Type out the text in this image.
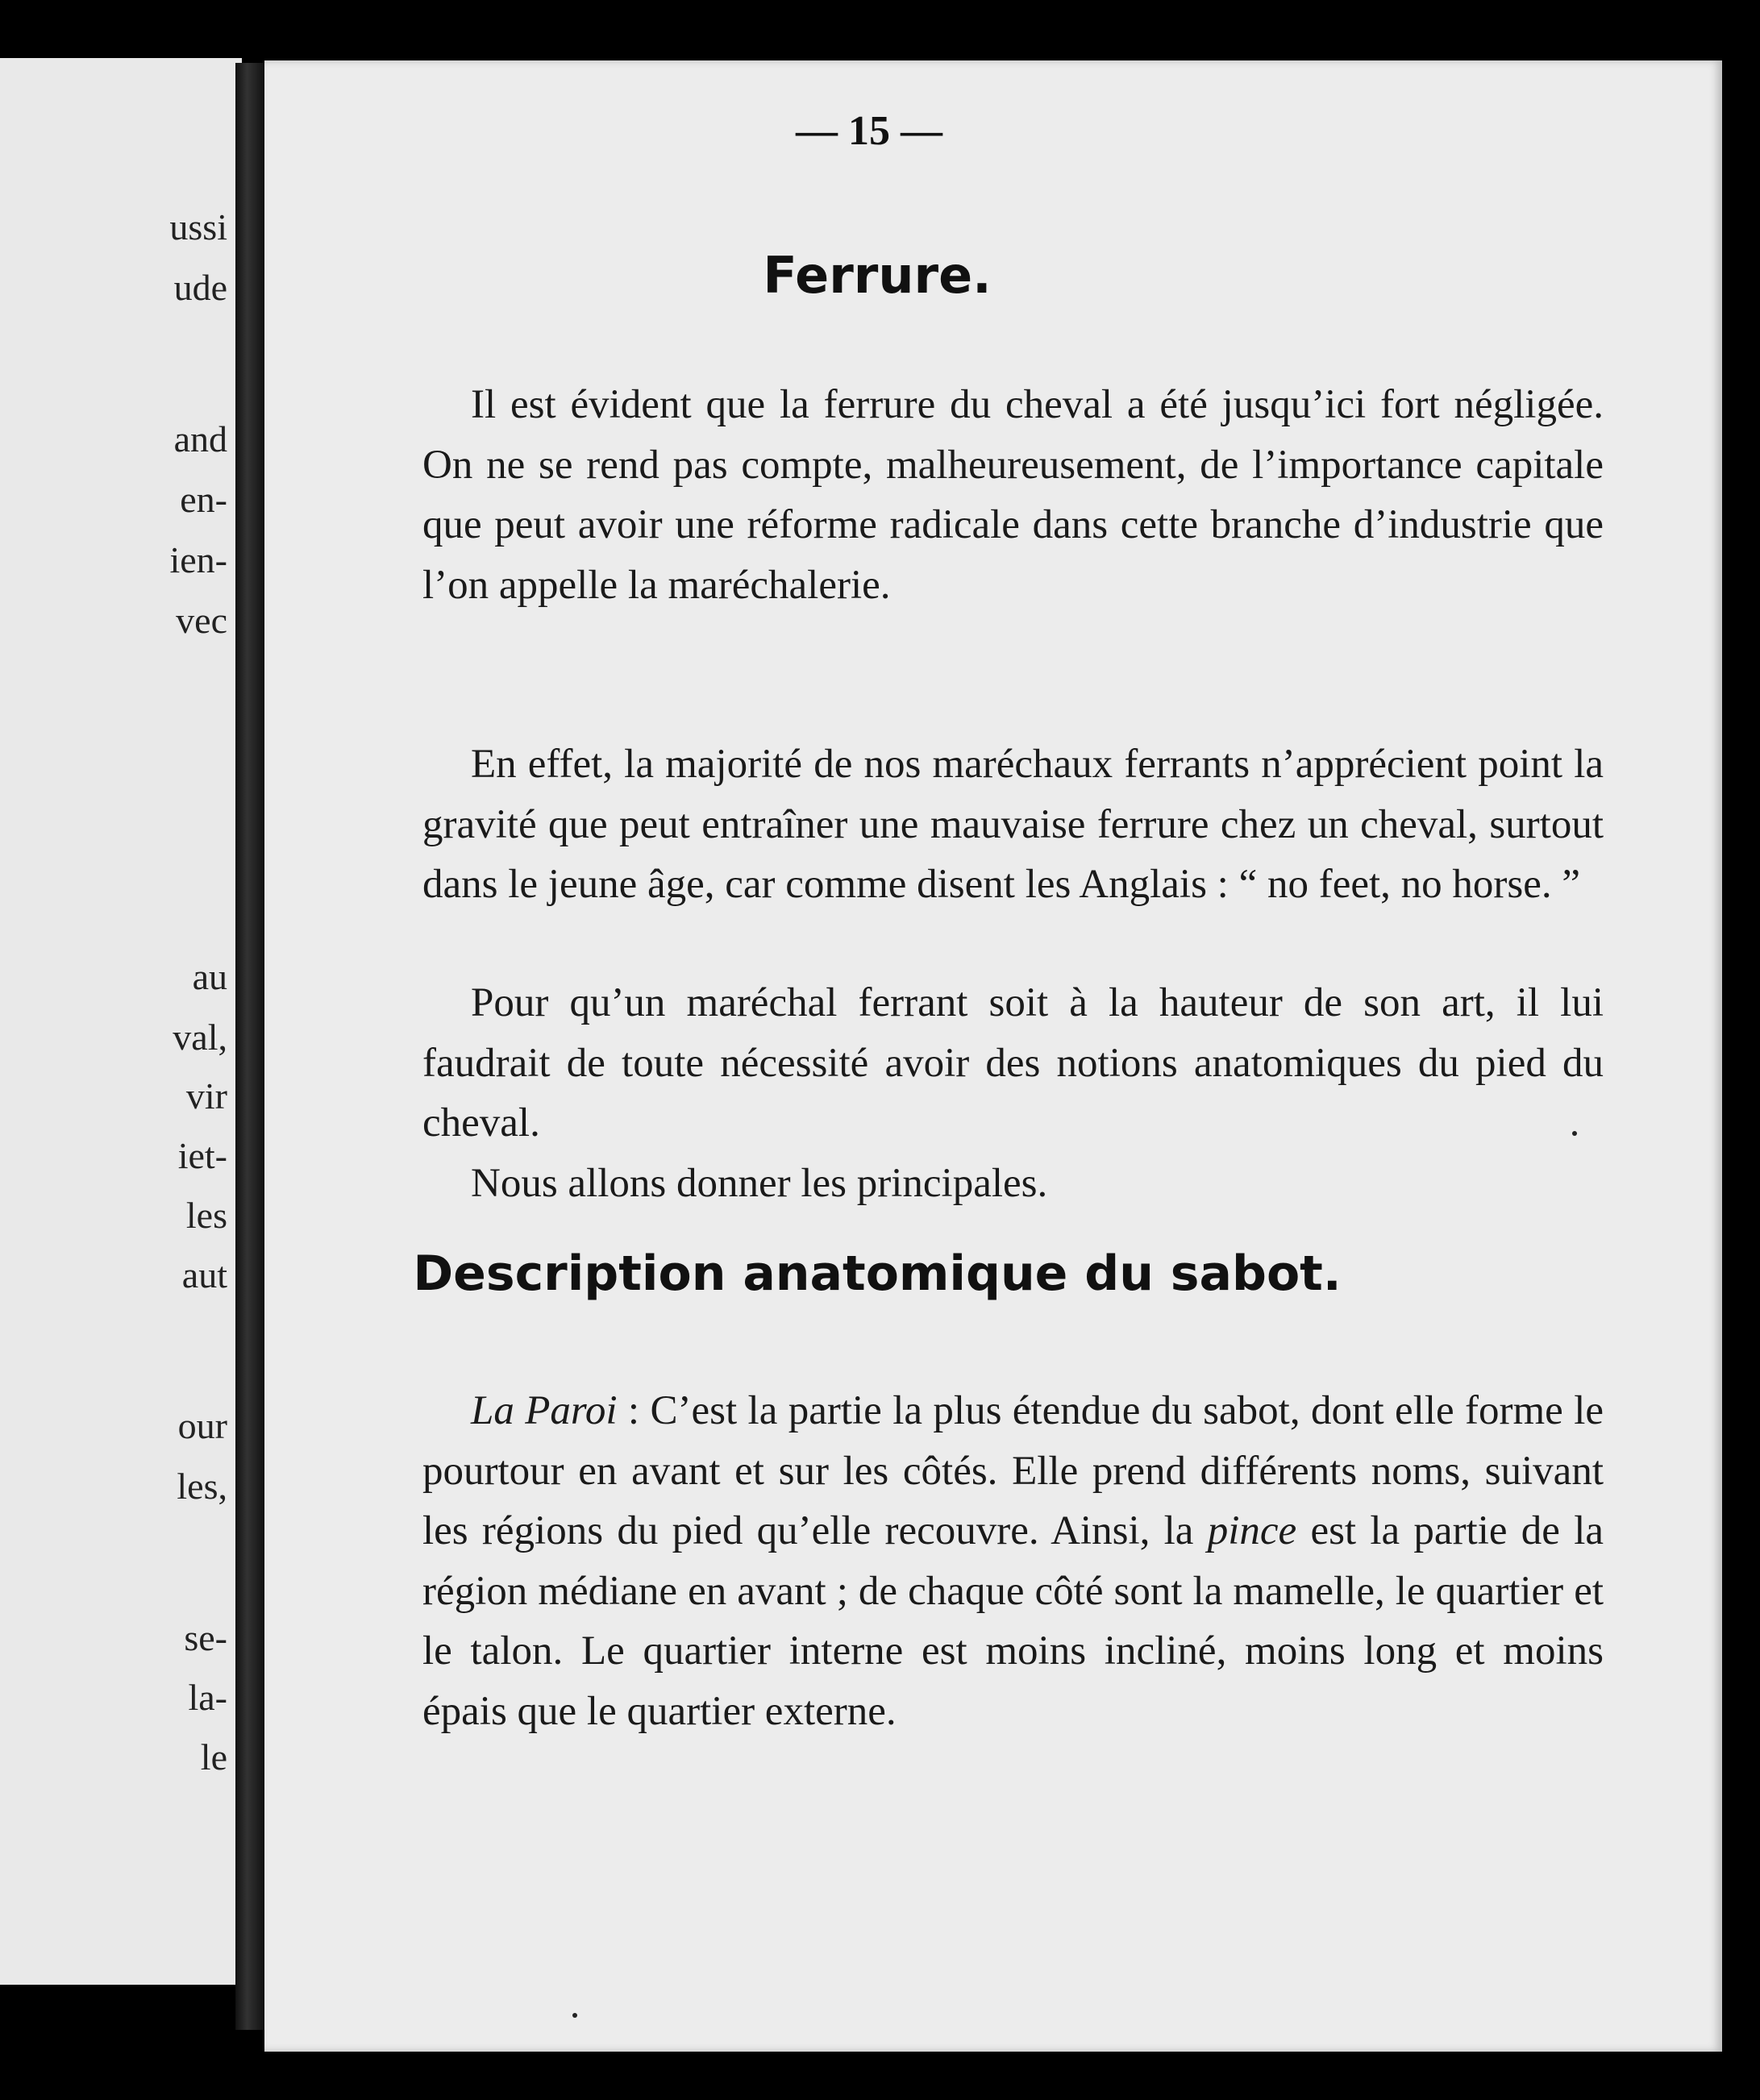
ussi

ude

and

en-

ien-

vec

au

val,

vir

iet-

les

aut

our

les,

se-

la-

le

— 15 —

Ferrure.

Il est évident que la ferrure du cheval a été jusqu’ici fort négligée. On ne se rend pas compte, malheureusement, de l’importance capitale que peut avoir une réforme radicale dans cette branche d’industrie que l’on appelle la maréchalerie.

En effet, la majorité de nos maréchaux ferrants n’apprécient point la gravité que peut entraîner une mauvaise ferrure chez un cheval, surtout dans le jeune âge, car comme disent les Anglais : “ no feet, no horse. ”

Pour qu’un maréchal ferrant soit à la hauteur de son art, il lui faudrait de toute nécessité avoir des notions anatomiques du pied du cheval.

Nous allons donner les principales.

Description anatomique du sabot.

La Paroi : C’est la partie la plus étendue du sabot, dont elle forme le pourtour en avant et sur les côtés. Elle prend différents noms, suivant les régions du pied qu’elle recouvre. Ainsi, la pince est la partie de la région médiane en avant ; de chaque côté sont la mamelle, le quartier et le talon. Le quartier interne est moins incliné, moins long et moins épais que le quartier externe.
